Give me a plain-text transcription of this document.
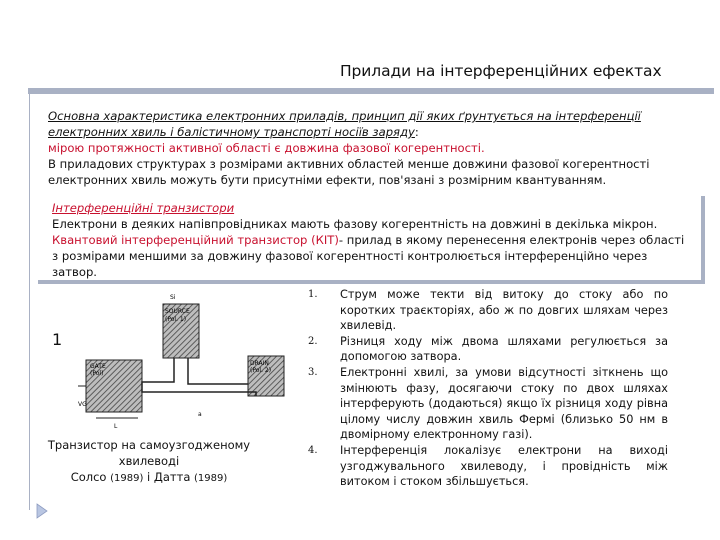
Прилади на інтерференційних ефектах
Основна характеристика електронних приладів, принцип дії яких ґрунтується на інтерференції електронних хвиль і балістичному транспорті носіїв заряду:
мірою протяжності активної області є довжина фазової когерентності.
В приладових структурах з розмірами активних областей менше довжини фазової когерентності електронних хвиль можуть бути присутніми ефекти, пов'язані з розмірним квантуванням.
Інтерференційні транзистори
Електрони в деяких напівпровідниках мають фазову когерентність на довжині в декілька мікрон. Квантовий інтерференційний транзистор (КІТ)- прилад в якому перенесення електронів через області з розмірами меншими за довжину фазової когерентності контролюється інтерференційно через затвор.
1
Si
SOURCE
(Pol. 1)
GATE
(Pol)
DRAIN
(Pol. 2)
VG
L
a
Транзистор на самоузгодженому хвилеводі
Солсо (1989) і Датта (1989)
1. Струм може текти від витоку до стоку або по коротких траєкторіях, або ж по довгих шляхам через хвилевід.
2. Різниця ходу між двома шляхами регулюється за допомогою затвора.
3. Електронні хвилі, за умови відсутності зіткнень що змінюють фазу, досягаючи стоку по двох шляхах інтерферують (додаються) якщо їх різниця ходу рівна цілому числу довжин хвиль Фермі (близько 50 нм в двомірному електронному газі).
4. Інтерференція локалізує електрони на виході узгоджувального хвилеводу, і провідність між витоком і стоком збільшується.
